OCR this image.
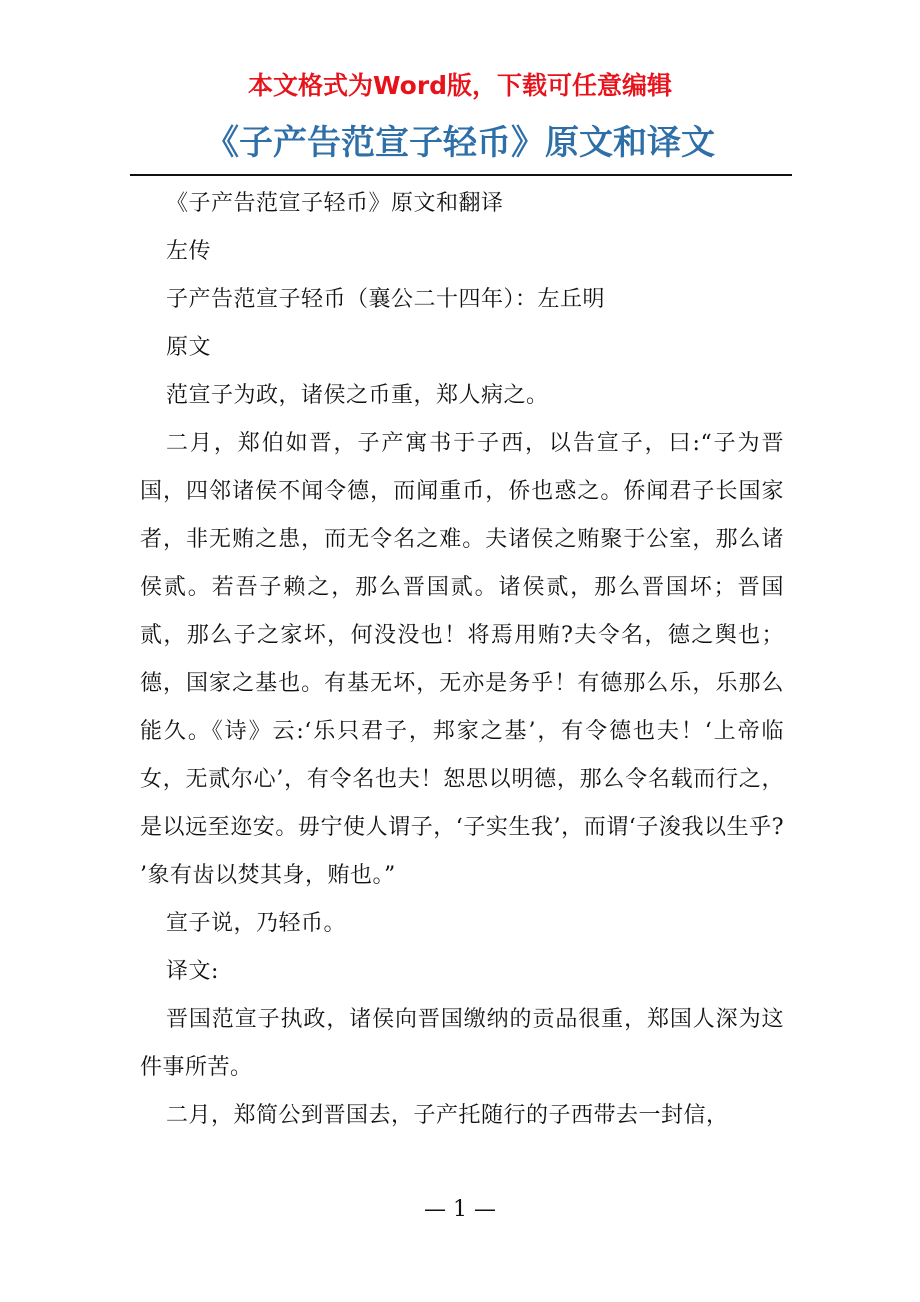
本文格式为Word版，下载可任意编辑
《子产告范宣子轻币》原文和译文

《子产告范宣子轻币》原文和翻译

左传

子产告范宣子轻币（襄公二十四年）：左丘明

原文

范宣子为政，诸侯之币重，郑人病之。

二月，郑伯如晋，子产寓书于子西，以告宣子，曰:“子为晋国，四邻诸侯不闻令德，而闻重币，侨也惑之。侨闻君子长国家者，非无贿之患，而无令名之难。夫诸侯之贿聚于公室，那么诸侯贰。若吾子赖之，那么晋国贰。诸侯贰，那么晋国坏；晋国贰，那么子之家坏，何没没也！将焉用贿?夫令名，德之舆也；德，国家之基也。有基无坏，无亦是务乎！有德那么乐，乐那么能久。《诗》云:‘乐只君子，邦家之基’，有令德也夫！‘上帝临女，无贰尔心’，有令名也夫！恕思以明德，那么令名载而行之，是以远至迩安。毋宁使人谓子，‘子实生我’，而谓‘子浚我以生乎? ’象有齿以焚其身，贿也。”

宣子说，乃轻币。

译文:

晋国范宣子执政，诸侯向晋国缴纳的贡品很重，郑国人深为这件事所苦。

二月，郑简公到晋国去，子产托随行的子西带去一封信，

— 1 —
